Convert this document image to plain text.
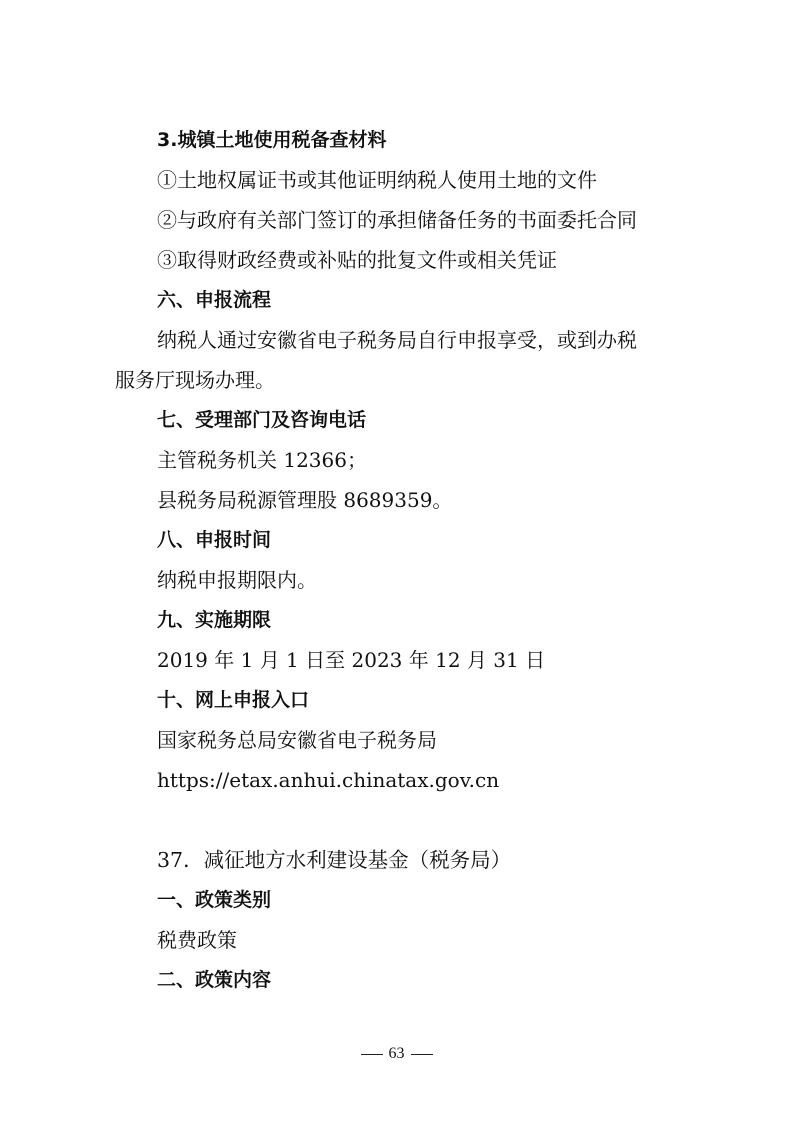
3.城镇土地使用税备查材料
①土地权属证书或其他证明纳税人使用土地的文件
②与政府有关部门签订的承担储备任务的书面委托合同
③取得财政经费或补贴的批复文件或相关凭证
六、申报流程
纳税人通过安徽省电子税务局自行申报享受，或到办税
服务厅现场办理。
七、受理部门及咨询电话
主管税务机关 12366；
县税务局税源管理股 8689359。
八、申报时间
纳税申报期限内。
九、实施期限
2019 年 1 月 1 日至 2023 年 12 月 31 日
十、网上申报入口
国家税务总局安徽省电子税务局
https://etax.anhui.chinatax.gov.cn
37．减征地方水利建设基金（税务局）
一、政策类别
税费政策
二、政策内容
63
